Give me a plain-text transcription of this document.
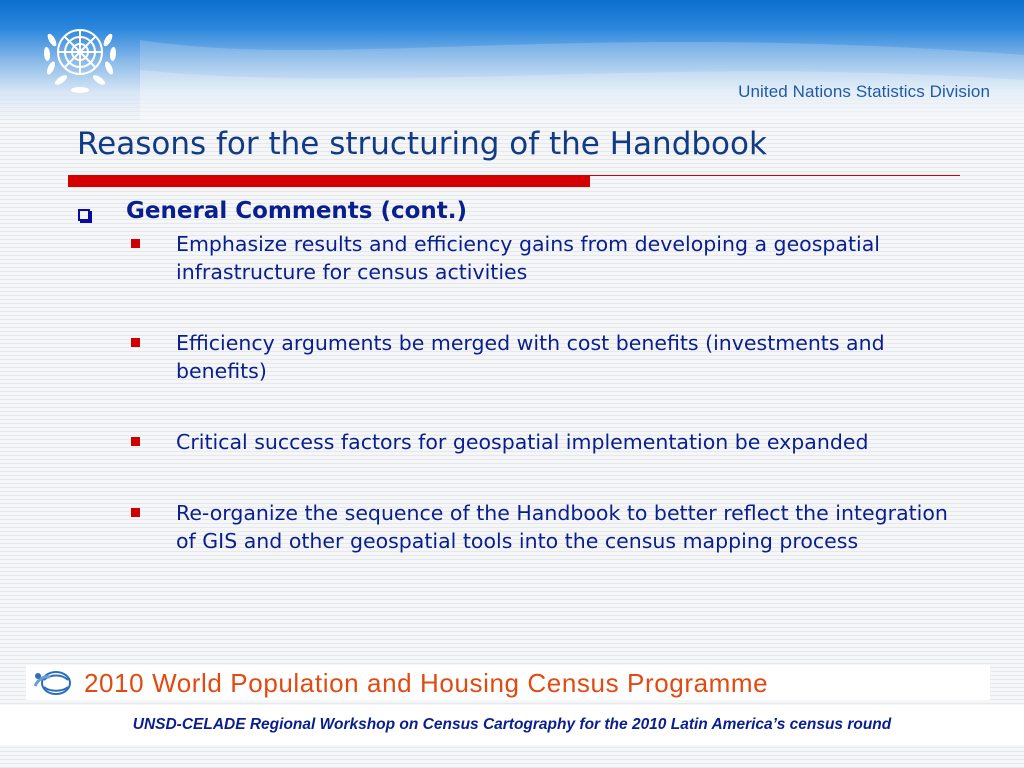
United Nations Statistics Division
Reasons for the structuring of the Handbook
General Comments (cont.)
Emphasize results and efficiency gains from developing a geospatial infrastructure for census activities
Efficiency arguments be merged with cost benefits (investments and benefits)
Critical success factors for geospatial implementation be expanded
Re-organize the sequence of the Handbook to better reflect the integration of GIS and other geospatial tools into the census mapping process
2010 World Population and Housing Census Programme
UNSD-CELADE Regional Workshop on Census Cartography for the 2010 Latin America’s census round
